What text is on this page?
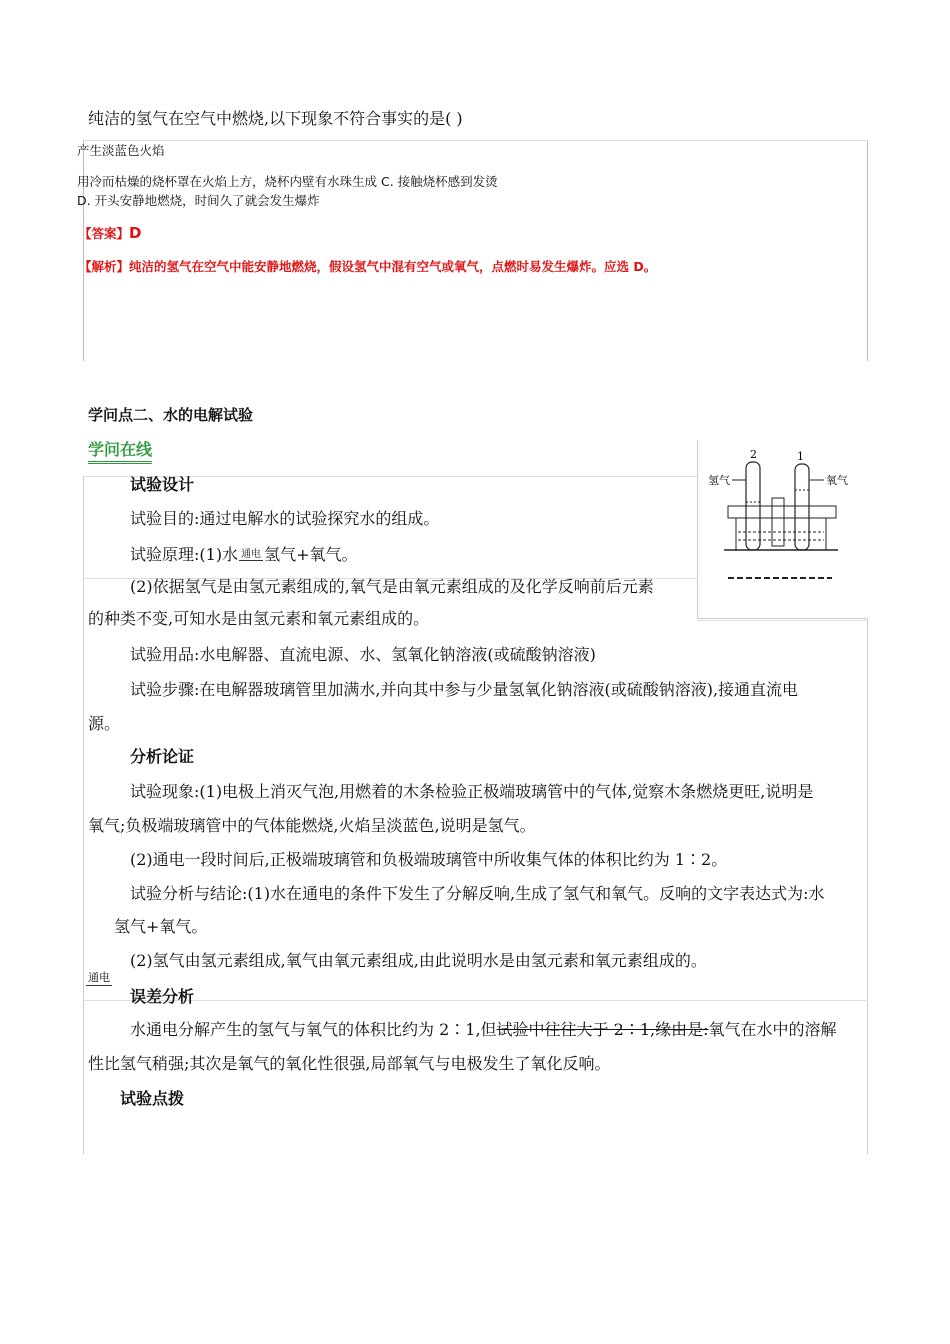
纯洁的氢气在空气中燃烧,以下现象不符合事实的是( )
产生淡蓝色火焰
用冷而枯燥的烧杯罩在火焰上方，烧杯内壁有水珠生成 C. 接触烧杯感到发烫
D. 开头安静地燃烧，时间久了就会发生爆炸
【答案】D
【解析】纯洁的氢气在空气中能安静地燃烧，假设氢气中混有空气或氧气，点燃时易发生爆炸。应选 D。
学问点二、水的电解试验
学问在线	2	1
氢气	氧气
试验设计
试验目的:通过电解水的试验探究水的组成。
试验原理:(1)水 通电 氢气+氧气。
(2)依据氢气是由氢元素组成的,氧气是由氧元素组成的及化学反响前后元素
的种类不变,可知水是由氢元素和氧元素组成的。
试验用品:水电解器、直流电源、水、氢氧化钠溶液(或硫酸钠溶液)
试验步骤:在电解器玻璃管里加满水,并向其中参与少量氢氧化钠溶液(或硫酸钠溶液),接通直流电
源。
分析论证
试验现象:(1)电极上消灭气泡,用燃着的木条检验正极端玻璃管中的气体,觉察木条燃烧更旺,说明是
氧气;负极端玻璃管中的气体能燃烧,火焰呈淡蓝色,说明是氢气。
(2)通电一段时间后,正极端玻璃管和负极端玻璃管中所收集气体的体积比约为 1∶2。
试验分析与结论:(1)水在通电的条件下发生了分解反响,生成了氢气和氧气。反响的文字表达式为:水
氢气+氧气。
(2)氢气由氢元素组成,氧气由氧元素组成,由此说明水是由氢元素和氧元素组成的。
通电
误差分析
水通电分解产生的氢气与氧气的体积比约为 2∶1,但试验中往往大于 2∶1,缘由是:氧气在水中的溶解
性比氢气稍强;其次是氧气的氧化性很强,局部氧气与电极发生了氧化反响。
试验点拨
